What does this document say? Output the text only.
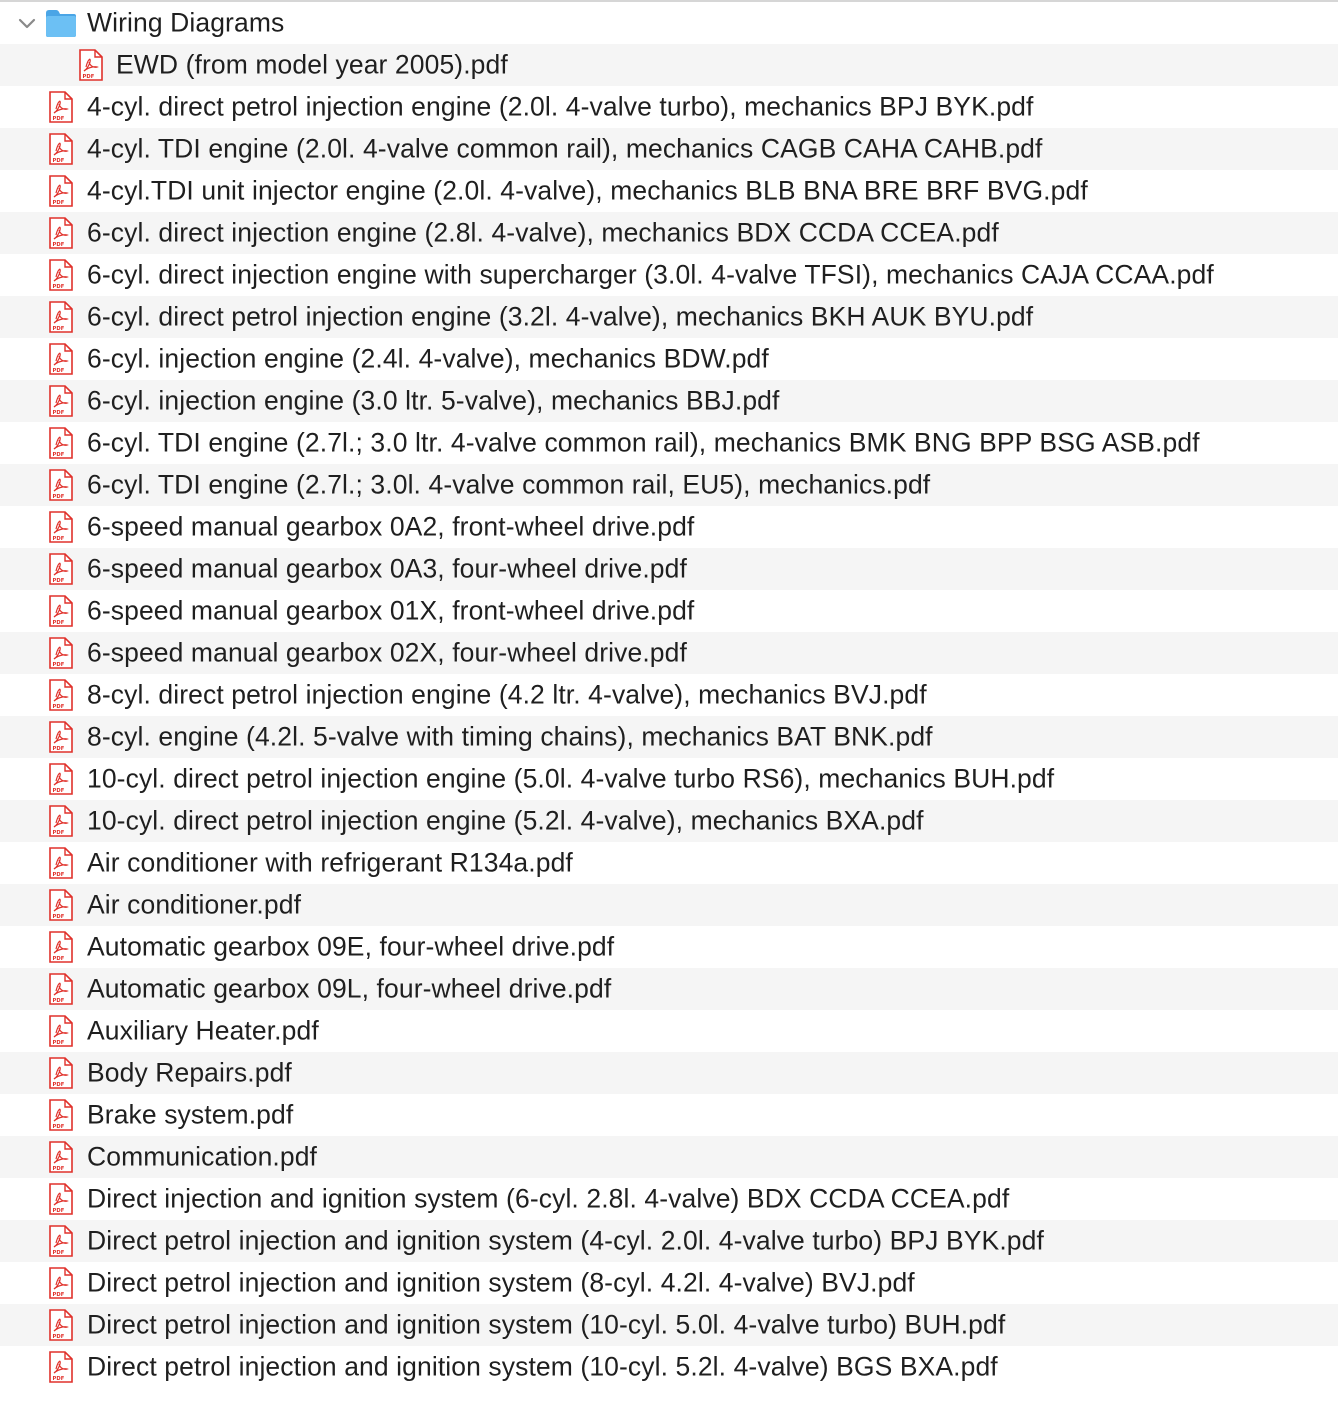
Wiring Diagrams
PDF EWD (from model year 2005).pdf
PDF 4-cyl. direct petrol injection engine (2.0l. 4-valve turbo), mechanics BPJ BYK.pdf
PDF 4-cyl. TDI engine (2.0l. 4-valve common rail), mechanics CAGB CAHA CAHB.pdf
PDF 4-cyl.TDI unit injector engine (2.0l. 4-valve), mechanics BLB BNA BRE BRF BVG.pdf
PDF 6-cyl. direct injection engine (2.8l. 4-valve), mechanics BDX CCDA CCEA.pdf
PDF 6-cyl. direct injection engine with supercharger (3.0l. 4-valve TFSI), mechanics CAJA CCAA.pdf
PDF 6-cyl. direct petrol injection engine (3.2l. 4-valve), mechanics BKH AUK BYU.pdf
PDF 6-cyl. injection engine (2.4l. 4-valve), mechanics BDW.pdf
PDF 6-cyl. injection engine (3.0 ltr. 5-valve), mechanics BBJ.pdf
PDF 6-cyl. TDI engine (2.7l.; 3.0 ltr. 4-valve common rail), mechanics BMK BNG BPP BSG ASB.pdf
PDF 6-cyl. TDI engine (2.7l.; 3.0l. 4-valve common rail, EU5), mechanics.pdf
PDF 6-speed manual gearbox 0A2, front-wheel drive.pdf
PDF 6-speed manual gearbox 0A3, four-wheel drive.pdf
PDF 6-speed manual gearbox 01X, front-wheel drive.pdf
PDF 6-speed manual gearbox 02X, four-wheel drive.pdf
PDF 8-cyl. direct petrol injection engine (4.2 ltr. 4-valve), mechanics BVJ.pdf
PDF 8-cyl. engine (4.2l. 5-valve with timing chains), mechanics BAT BNK.pdf
PDF 10-cyl. direct petrol injection engine (5.0l. 4-valve turbo RS6), mechanics BUH.pdf
PDF 10-cyl. direct petrol injection engine (5.2l. 4-valve), mechanics BXA.pdf
PDF Air conditioner with refrigerant R134a.pdf
PDF Air conditioner.pdf
PDF Automatic gearbox 09E, four-wheel drive.pdf
PDF Automatic gearbox 09L, four-wheel drive.pdf
PDF Auxiliary Heater.pdf
PDF Body Repairs.pdf
PDF Brake system.pdf
PDF Communication.pdf
PDF Direct injection and ignition system (6-cyl. 2.8l. 4-valve) BDX CCDA CCEA.pdf
PDF Direct petrol injection and ignition system (4-cyl. 2.0l. 4-valve turbo) BPJ BYK.pdf
PDF Direct petrol injection and ignition system (8-cyl. 4.2l. 4-valve) BVJ.pdf
PDF Direct petrol injection and ignition system (10-cyl. 5.0l. 4-valve turbo) BUH.pdf
PDF Direct petrol injection and ignition system (10-cyl. 5.2l. 4-valve) BGS BXA.pdf
